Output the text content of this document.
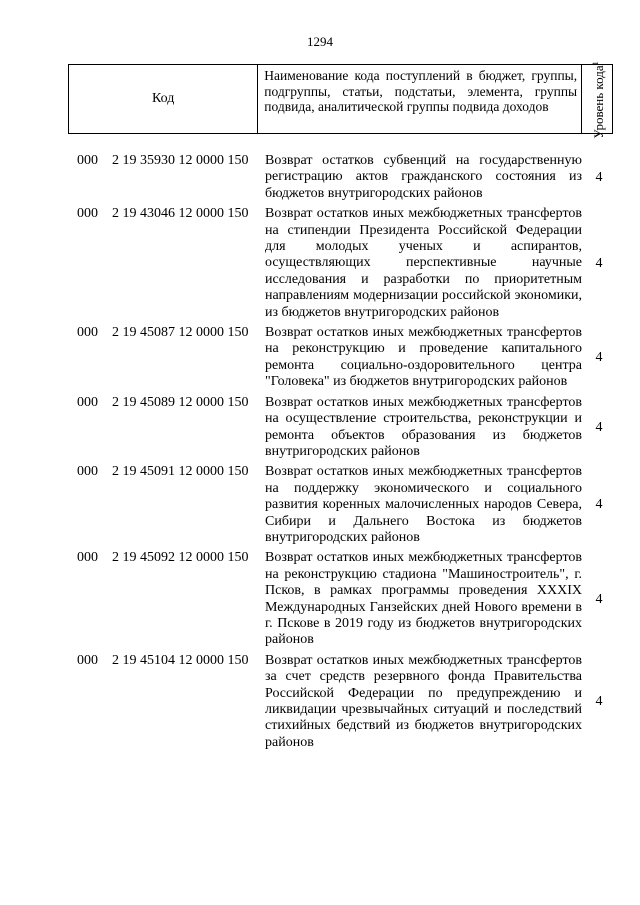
1294
Код
Наименование кода поступлений в бюджет, группы, подгруппы, статьи, подстатьи, элемента, группы подвида, аналитической группы подвида доходов	Уровень кода$^1$
000 2 19 35930 12 0000 150 Возврат остатков субвенций на государственную регистрацию актов гражданского состояния из бюджетов внутригородских районов
4
000 2 19 43046 12 0000 150 Возврат остатков иных межбюджетных трансфертов на стипендии Президента Российской Федерации для молодых ученых и аспирантов, осуществляющих перспективные научные исследования и разработки по приоритетным направлениям модернизации российской экономики, из бюджетов внутригородских районов
4
000 2 19 45087 12 0000 150 Возврат остатков иных межбюджетных трансфертов на реконструкцию и проведение капитального ремонта социально-оздоровительного центра "Головека" из бюджетов внутригородских районов
4
000 2 19 45089 12 0000 150 Возврат остатков иных межбюджетных трансфертов на осуществление строительства, реконструкции и ремонта объектов образования из бюджетов внутригородских районов
4
000 2 19 45091 12 0000 150 Возврат остатков иных межбюджетных трансфертов на поддержку экономического и социального развития коренных малочисленных народов Севера, Сибири и Дальнего Востока из бюджетов внутригородских районов
4
000 2 19 45092 12 0000 150 Возврат остатков иных межбюджетных трансфертов на реконструкцию стадиона "Машиностроитель", г. Псков, в рамках программы проведения XXXIX Международных Ганзейских дней Нового времени в г. Пскове в 2019 году из бюджетов внутригородских районов
4
000 2 19 45104 12 0000 150 Возврат остатков иных межбюджетных трансфертов за счет средств резервного фонда Правительства Российской Федерации по предупреждению и ликвидации чрезвычайных ситуаций и последствий стихийных бедствий из бюджетов внутригородских районов
4
